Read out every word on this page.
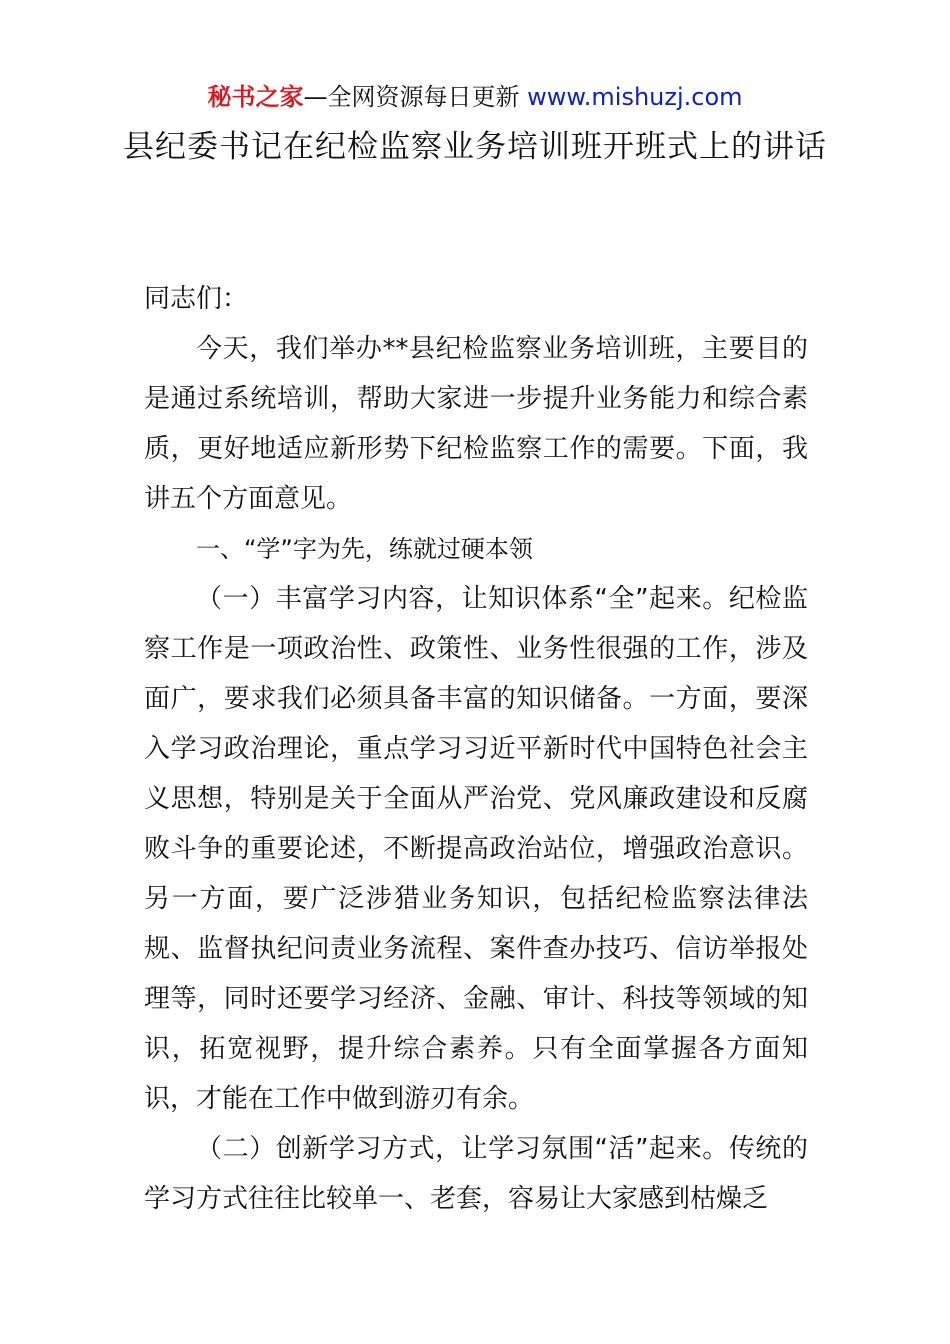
秘书之家—全网资源每日更新 www.mishuzj.com
县纪委书记在纪检监察业务培训班开班式上的讲话

同志们：

今天，我们举办**县纪检监察业务培训班，主要目的是通过系统培训，帮助大家进一步提升业务能力和综合素质，更好地适应新形势下纪检监察工作的需要。下面，我讲五个方面意见。

一、“学”字为先，练就过硬本领

（一）丰富学习内容，让知识体系“全”起来。纪检监察工作是一项政治性、政策性、业务性很强的工作，涉及面广，要求我们必须具备丰富的知识储备。一方面，要深入学习政治理论，重点学习习近平新时代中国特色社会主义思想，特别是关于全面从严治党、党风廉政建设和反腐败斗争的重要论述，不断提高政治站位，增强政治意识。另一方面，要广泛涉猎业务知识，包括纪检监察法律法规、监督执纪问责业务流程、案件查办技巧、信访举报处理等，同时还要学习经济、金融、审计、科技等领域的知识，拓宽视野，提升综合素养。只有全面掌握各方面知识，才能在工作中做到游刃有余。

（二）创新学习方式，让学习氛围“活”起来。传统的学习方式往往比较单一、老套，容易让大家感到枯燥乏
